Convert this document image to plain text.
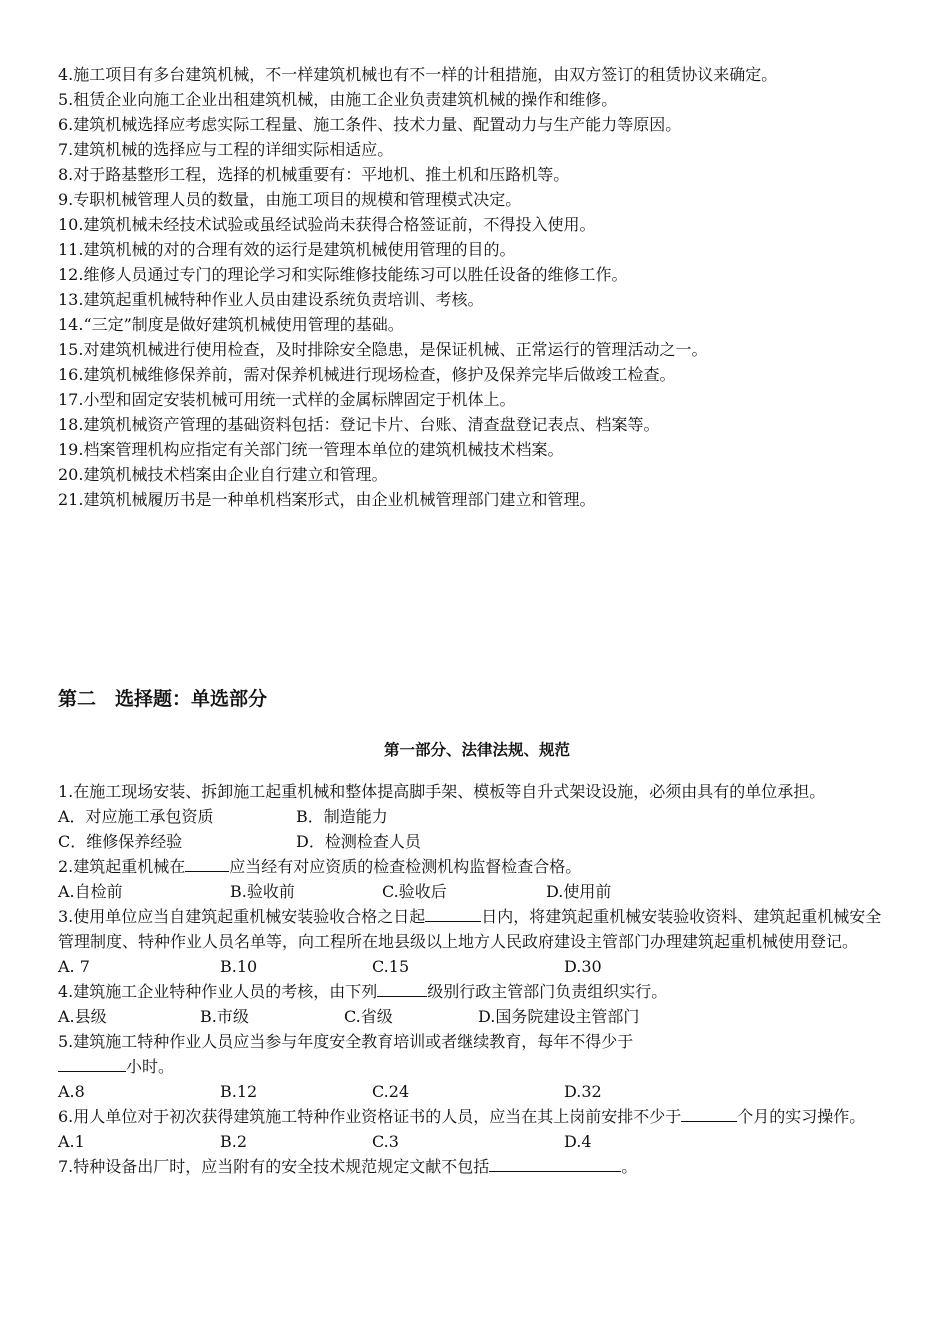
4.施工项目有多台建筑机械，不一样建筑机械也有不一样的计租措施，由双方签订的租赁协议来确定。
5.租赁企业向施工企业出租建筑机械，由施工企业负责建筑机械的操作和维修。
6.建筑机械选择应考虑实际工程量、施工条件、技术力量、配置动力与生产能力等原因。
7.建筑机械的选择应与工程的详细实际相适应。
8.对于路基整形工程，选择的机械重要有：平地机、推土机和压路机等。
9.专职机械管理人员的数量，由施工项目的规模和管理模式决定。
10.建筑机械未经技术试验或虽经试验尚未获得合格签证前，不得投入使用。
11.建筑机械的对的合理有效的运行是建筑机械使用管理的目的。
12.维修人员通过专门的理论学习和实际维修技能练习可以胜任设备的维修工作。
13.建筑起重机械特种作业人员由建设系统负责培训、考核。
14.“三定”制度是做好建筑机械使用管理的基础。
15.对建筑机械进行使用检查，及时排除安全隐患，是保证机械、正常运行的管理活动之一。
16.建筑机械维修保养前，需对保养机械进行现场检查，修护及保养完毕后做竣工检查。
17.小型和固定安装机械可用统一式样的金属标牌固定于机体上。
18.建筑机械资产管理的基础资料包括：登记卡片、台账、清查盘登记表点、档案等。
19.档案管理机构应指定有关部门统一管理本单位的建筑机械技术档案。
20.建筑机械技术档案由企业自行建立和管理。
21.建筑机械履历书是一种单机档案形式，由企业机械管理部门建立和管理。
第二　选择题：单选部分
第一部分、法律法规、规范
1.在施工现场安装、拆卸施工起重机械和整体提高脚手架、模板等自升式架设设施，必须由具有的单位承担。
A．对应施工承包资质	B．制造能力
C．维修保养经验	D．检测检查人员
2.建筑起重机械在	应当经有对应资质的检查检测机构监督检查合格。
A.自检前	B.验收前	C.验收后	D.使用前
3.使用单位应当自建筑起重机械安装验收合格之日起	日内，将建筑起重机械安装验收资料、建筑起重机械安全管理制度、特种作业人员名单等，向工程所在地县级以上地方人民政府建设主管部门办理建筑起重机械使用登记。
A. 7	B.10	C.15	D.30
4.建筑施工企业特种作业人员的考核，由下列	级别行政主管部门负责组织实行。
A.县级	B.市级	C.省级	D.国务院建设主管部门
5.建筑施工特种作业人员应当参与年度安全教育培训或者继续教育，每年不得少于
小时。
A.8	B.12	C.24	D.32
6.用人单位对于初次获得建筑施工特种作业资格证书的人员，应当在其上岗前安排不少于	个月的实习操作。
A.1	B.2	C.3	D.4
7.特种设备出厂时，应当附有的安全技术规范规定文献不包括	。
